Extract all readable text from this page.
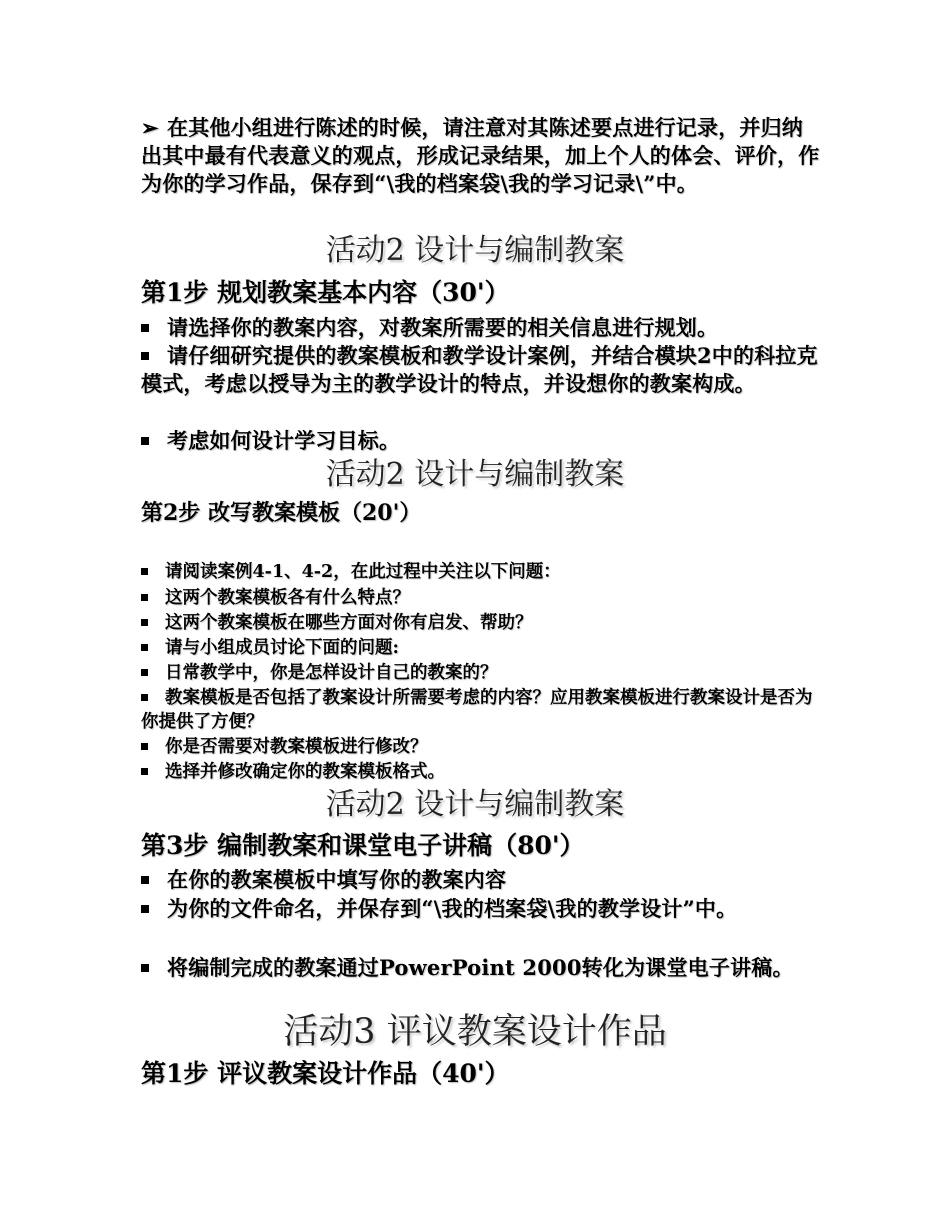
➢ 在其他小组进行陈述的时候，请注意对其陈述要点进行记录，并归纳出其中最有代表意义的观点，形成记录结果，加上个人的体会、评价，作为你的学习作品，保存到“\我的档案袋\我的学习记录\”中。
活动2 设计与编制教案
第1步 规划教案基本内容（30'）
请选择你的教案内容，对教案所需要的相关信息进行规划。
请仔细研究提供的教案模板和教学设计案例，并结合模块2中的科拉克模式，考虑以授导为主的教学设计的特点，并设想你的教案构成。
考虑如何设计学习目标。
活动2 设计与编制教案
第2步 改写教案模板（20'）
请阅读案例4-1、4-2，在此过程中关注以下问题：
这两个教案模板各有什么特点？
这两个教案模板在哪些方面对你有启发、帮助？
请与小组成员讨论下面的问题:
日常教学中，你是怎样设计自己的教案的？
教案模板是否包括了教案设计所需要考虑的内容？应用教案模板进行教案设计是否为你提供了方便？
你是否需要对教案模板进行修改？
选择并修改确定你的教案模板格式。
活动2 设计与编制教案
第3步 编制教案和课堂电子讲稿（80'）
在你的教案模板中填写你的教案内容
为你的文件命名，并保存到“\我的档案袋\我的教学设计”中。
将编制完成的教案通过PowerPoint 2000转化为课堂电子讲稿。
活动3 评议教案设计作品
第1步 评议教案设计作品（40'）
